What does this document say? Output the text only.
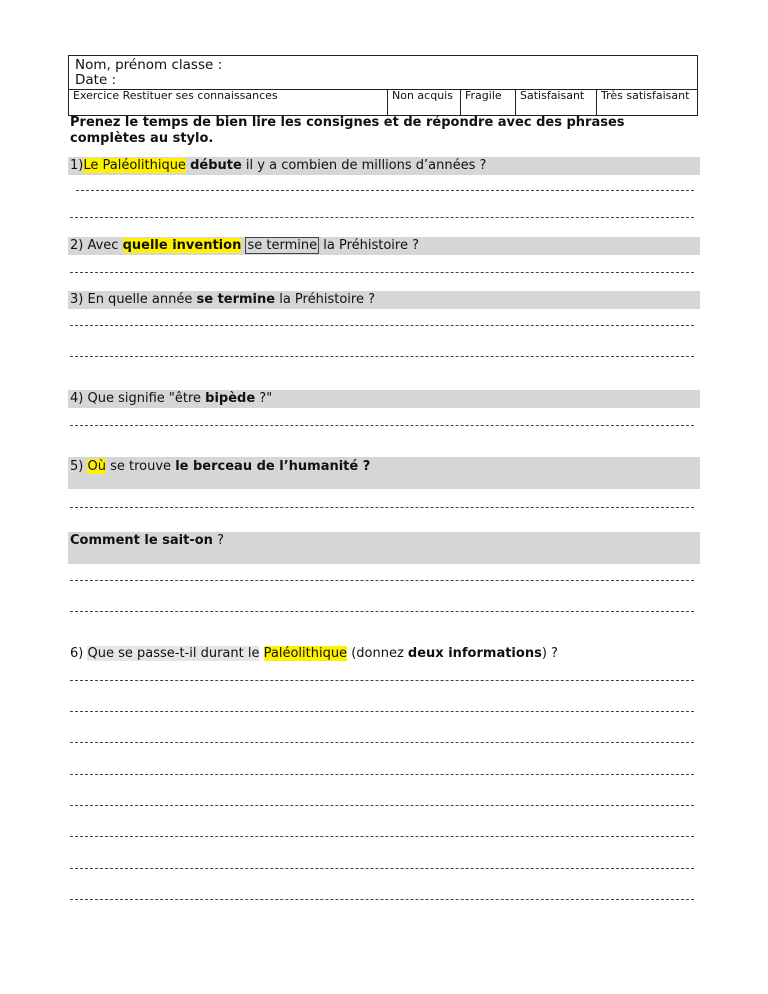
Nom, prénom classe :
Date :

Exercice Restituer ses connaissances	Non acquis	Fragile	Satisfaisant	Très satisfaisant
Prenez le temps de bien lire les consignes et de répondre avec des phrases complètes au stylo.
1)Le Paléolithique débute il y a combien de millions d’années ?
2) Avec quelle invention se termine la Préhistoire ?
3) En quelle année se termine la Préhistoire ?
4) Que signifie "être bipède ?"
5) Où se trouve le berceau de l’humanité ?
Comment le sait-on ?
6) Que se passe-t-il durant le Paléolithique (donnez deux informations) ?
